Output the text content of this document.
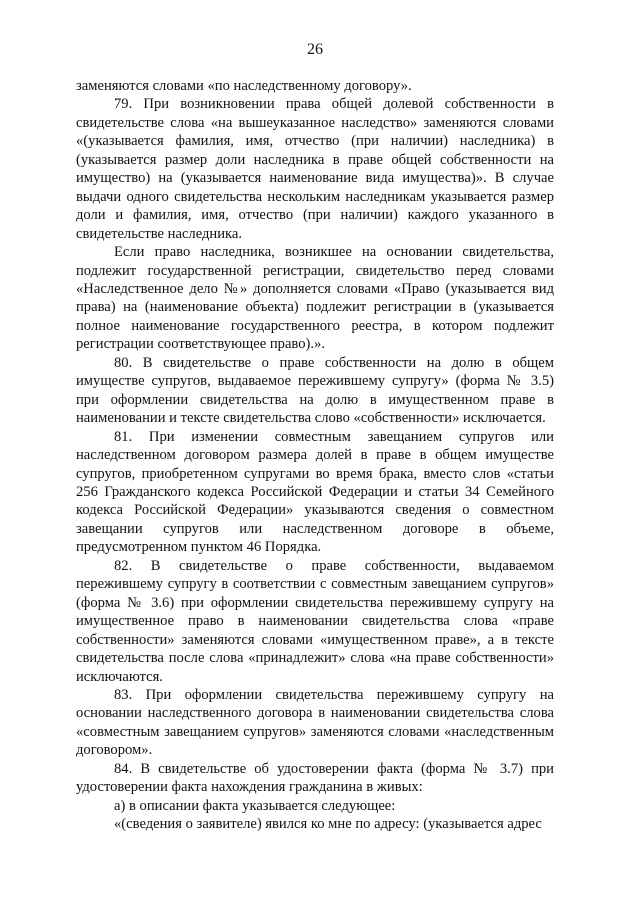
26

заменяются словами «по наследственному договору».

79. При возникновении права общей долевой собственности в свидетельстве слова «на вышеуказанное наследство» заменяются словами «(указывается фамилия, имя, отчество (при наличии) наследника) в (указывается размер доли наследника в праве общей собственности на имущество) на (указывается наименование вида имущества)». В случае выдачи одного свидетельства нескольким наследникам указывается размер доли и фамилия, имя, отчество (при наличии) каждого указанного в свидетельстве наследника.

Если право наследника, возникшее на основании свидетельства, подлежит государственной регистрации, свидетельство перед словами «Наследственное дело №» дополняется словами «Право (указывается вид права) на (наименование объекта) подлежит регистрации в (указывается полное наименование государственного реестра, в котором подлежит регистрации соответствующее право).».

80. В свидетельстве о праве собственности на долю в общем имуществе супругов, выдаваемое пережившему супругу» (форма № 3.5) при оформлении свидетельства на долю в имущественном праве в наименовании и тексте свидетельства слово «собственности» исключается.

81. При изменении совместным завещанием супругов или наследственном договором размера долей в праве в общем имуществе супругов, приобретенном супругами во время брака, вместо слов «статьи 256 Гражданского кодекса Российской Федерации и статьи 34 Семейного кодекса Российской Федерации» указываются сведения о совместном завещании супругов или наследственном договоре в объеме, предусмотренном пунктом 46 Порядка.

82. В свидетельстве о праве собственности, выдаваемом пережившему супругу в соответствии с совместным завещанием супругов» (форма № 3.6) при оформлении свидетельства пережившему супругу на имущественное право в наименовании свидетельства слова «праве собственности» заменяются словами «имущественном праве», а в тексте свидетельства после слова «принадлежит» слова «на праве собственности» исключаются.

83. При оформлении свидетельства пережившему супругу на основании наследственного договора в наименовании свидетельства слова «совместным завещанием супругов» заменяются словами «наследственным договором».

84. В свидетельстве об удостоверении факта (форма № 3.7) при удостоверении факта нахождения гражданина в живых:

а) в описании факта указывается следующее:

«(сведения о заявителе) явился ко мне по адресу: (указывается адрес
